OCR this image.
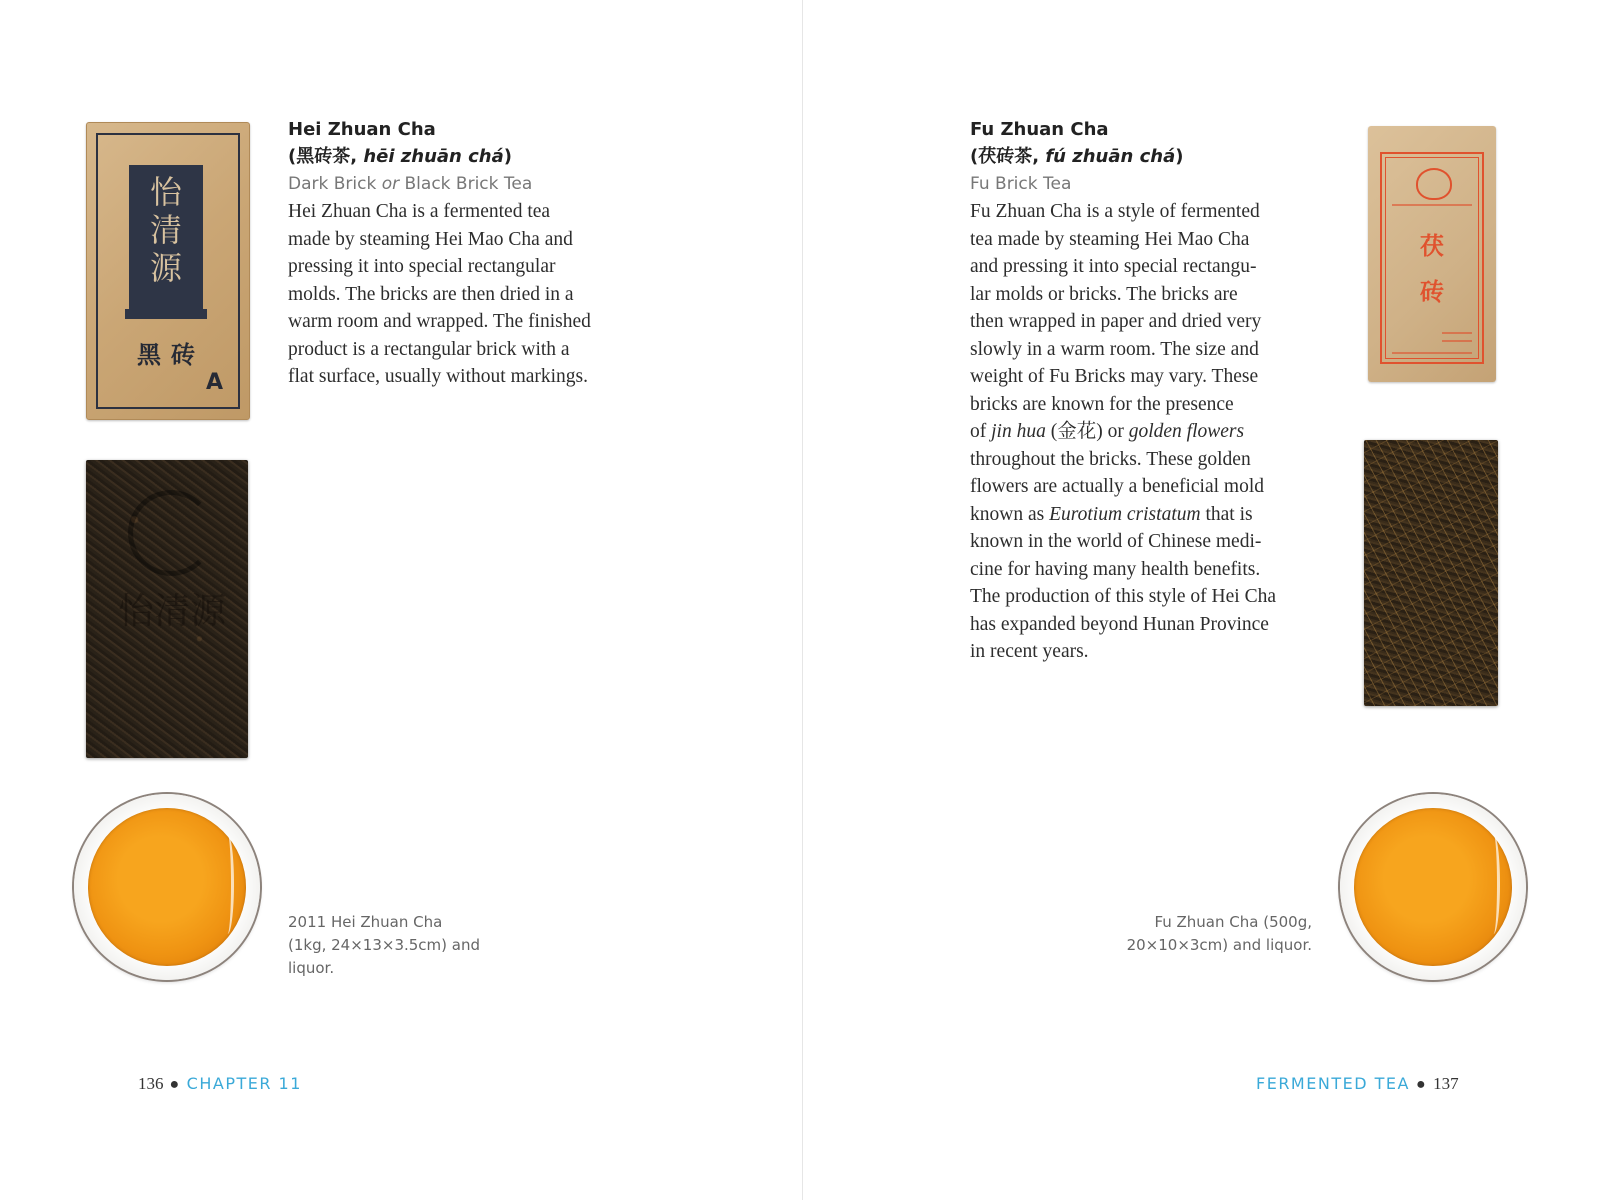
怡
清
源
黑砖
A
怡清源
Hei Zhuan Cha
(黑砖茶, hēi zhuān chá)
Dark Brick or Black Brick Tea
Hei Zhuan Cha is a fermented tea
made by steaming Hei Mao Cha and
pressing it into special rectangular
molds. The bricks are then dried in a
warm room and wrapped. The finished
product is a rectangular brick with a
flat surface, usually without markings.
2011 Hei Zhuan Cha
(1kg, 24×13×3.5cm) and
liquor.
136 ● CHAPTER 11
Fu Zhuan Cha
(茯砖茶, fú zhuān chá)
Fu Brick Tea
Fu Zhuan Cha is a style of fermented
tea made by steaming Hei Mao Cha
and pressing it into special rectangu-
lar molds or bricks. The bricks are
then wrapped in paper and dried very
slowly in a warm room. The size and
weight of Fu Bricks may vary. These
bricks are known for the presence
of jin hua (金花) or golden flowers
throughout the bricks. These golden
flowers are actually a beneficial mold
known as Eurotium cristatum that is
known in the world of Chinese medi-
cine for having many health benefits.
The production of this style of Hei Cha
has expanded beyond Hunan Province
in recent years.
茯
砖
Fu Zhuan Cha (500g,
20×10×3cm) and liquor.
FERMENTED TEA ● 137
